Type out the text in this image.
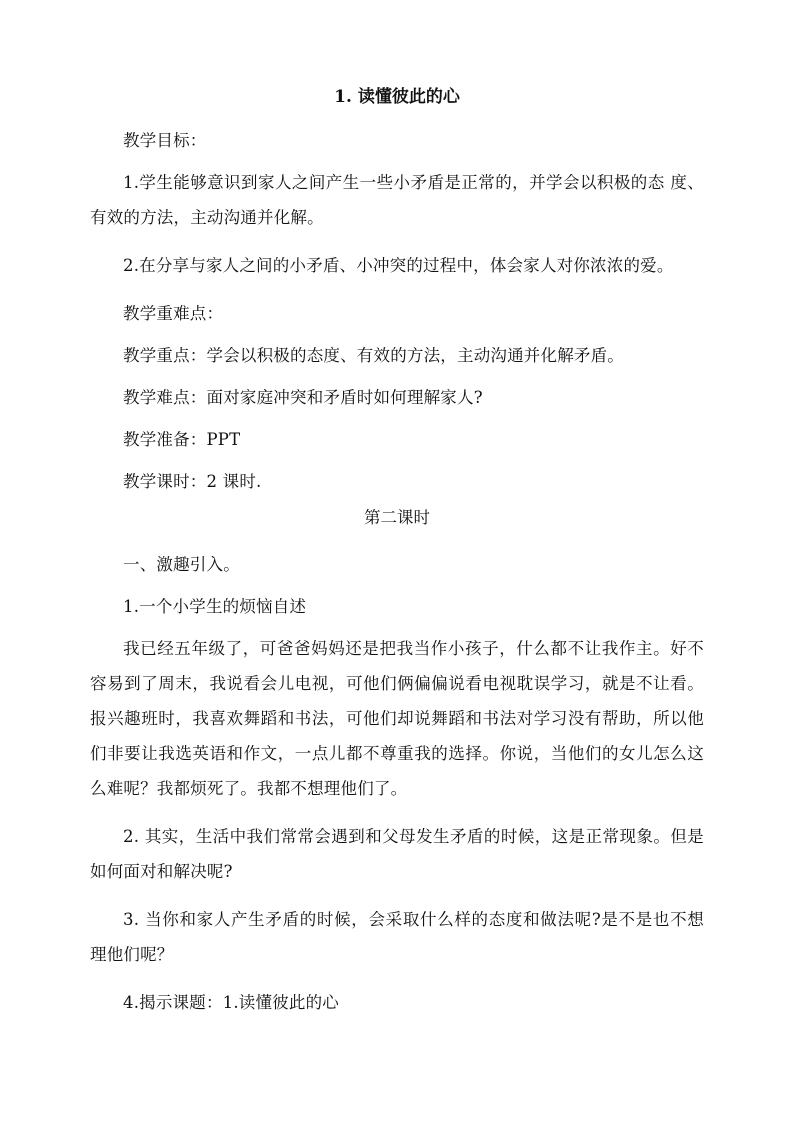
1. 读懂彼此的心

教学目标：

1.学生能够意识到家人之间产生一些小矛盾是正常的，并学会以积极的态 度、有效的方法，主动沟通并化解。

2.在分享与家人之间的小矛盾、小冲突的过程中，体会家人对你浓浓的爱。

教学重难点：

教学重点：学会以积极的态度、有效的方法，主动沟通并化解矛盾。

教学难点：面对家庭冲突和矛盾时如何理解家人?

教学准备：PPT

教学课时：2 课时.

第二课时

一、激趣引入。

1.一个小学生的烦恼自述

我已经五年级了，可爸爸妈妈还是把我当作小孩子，什么都不让我作主。好不容易到了周末，我说看会儿电视，可他们俩偏偏说看电视耽误学习，就是不让看。报兴趣班时，我喜欢舞蹈和书法，可他们却说舞蹈和书法对学习没有帮助，所以他们非要让我选英语和作文，一点儿都不尊重我的选择。你说，当他们的女儿怎么这么难呢？我都烦死了。我都不想理他们了。

2. 其实，生活中我们常常会遇到和父母发生矛盾的时候，这是正常现象。但是如何面对和解决呢?

3. 当你和家人产生矛盾的时候，会采取什么样的态度和做法呢?是不是也不想理他们呢？

4.揭示课题：1.读懂彼此的心
